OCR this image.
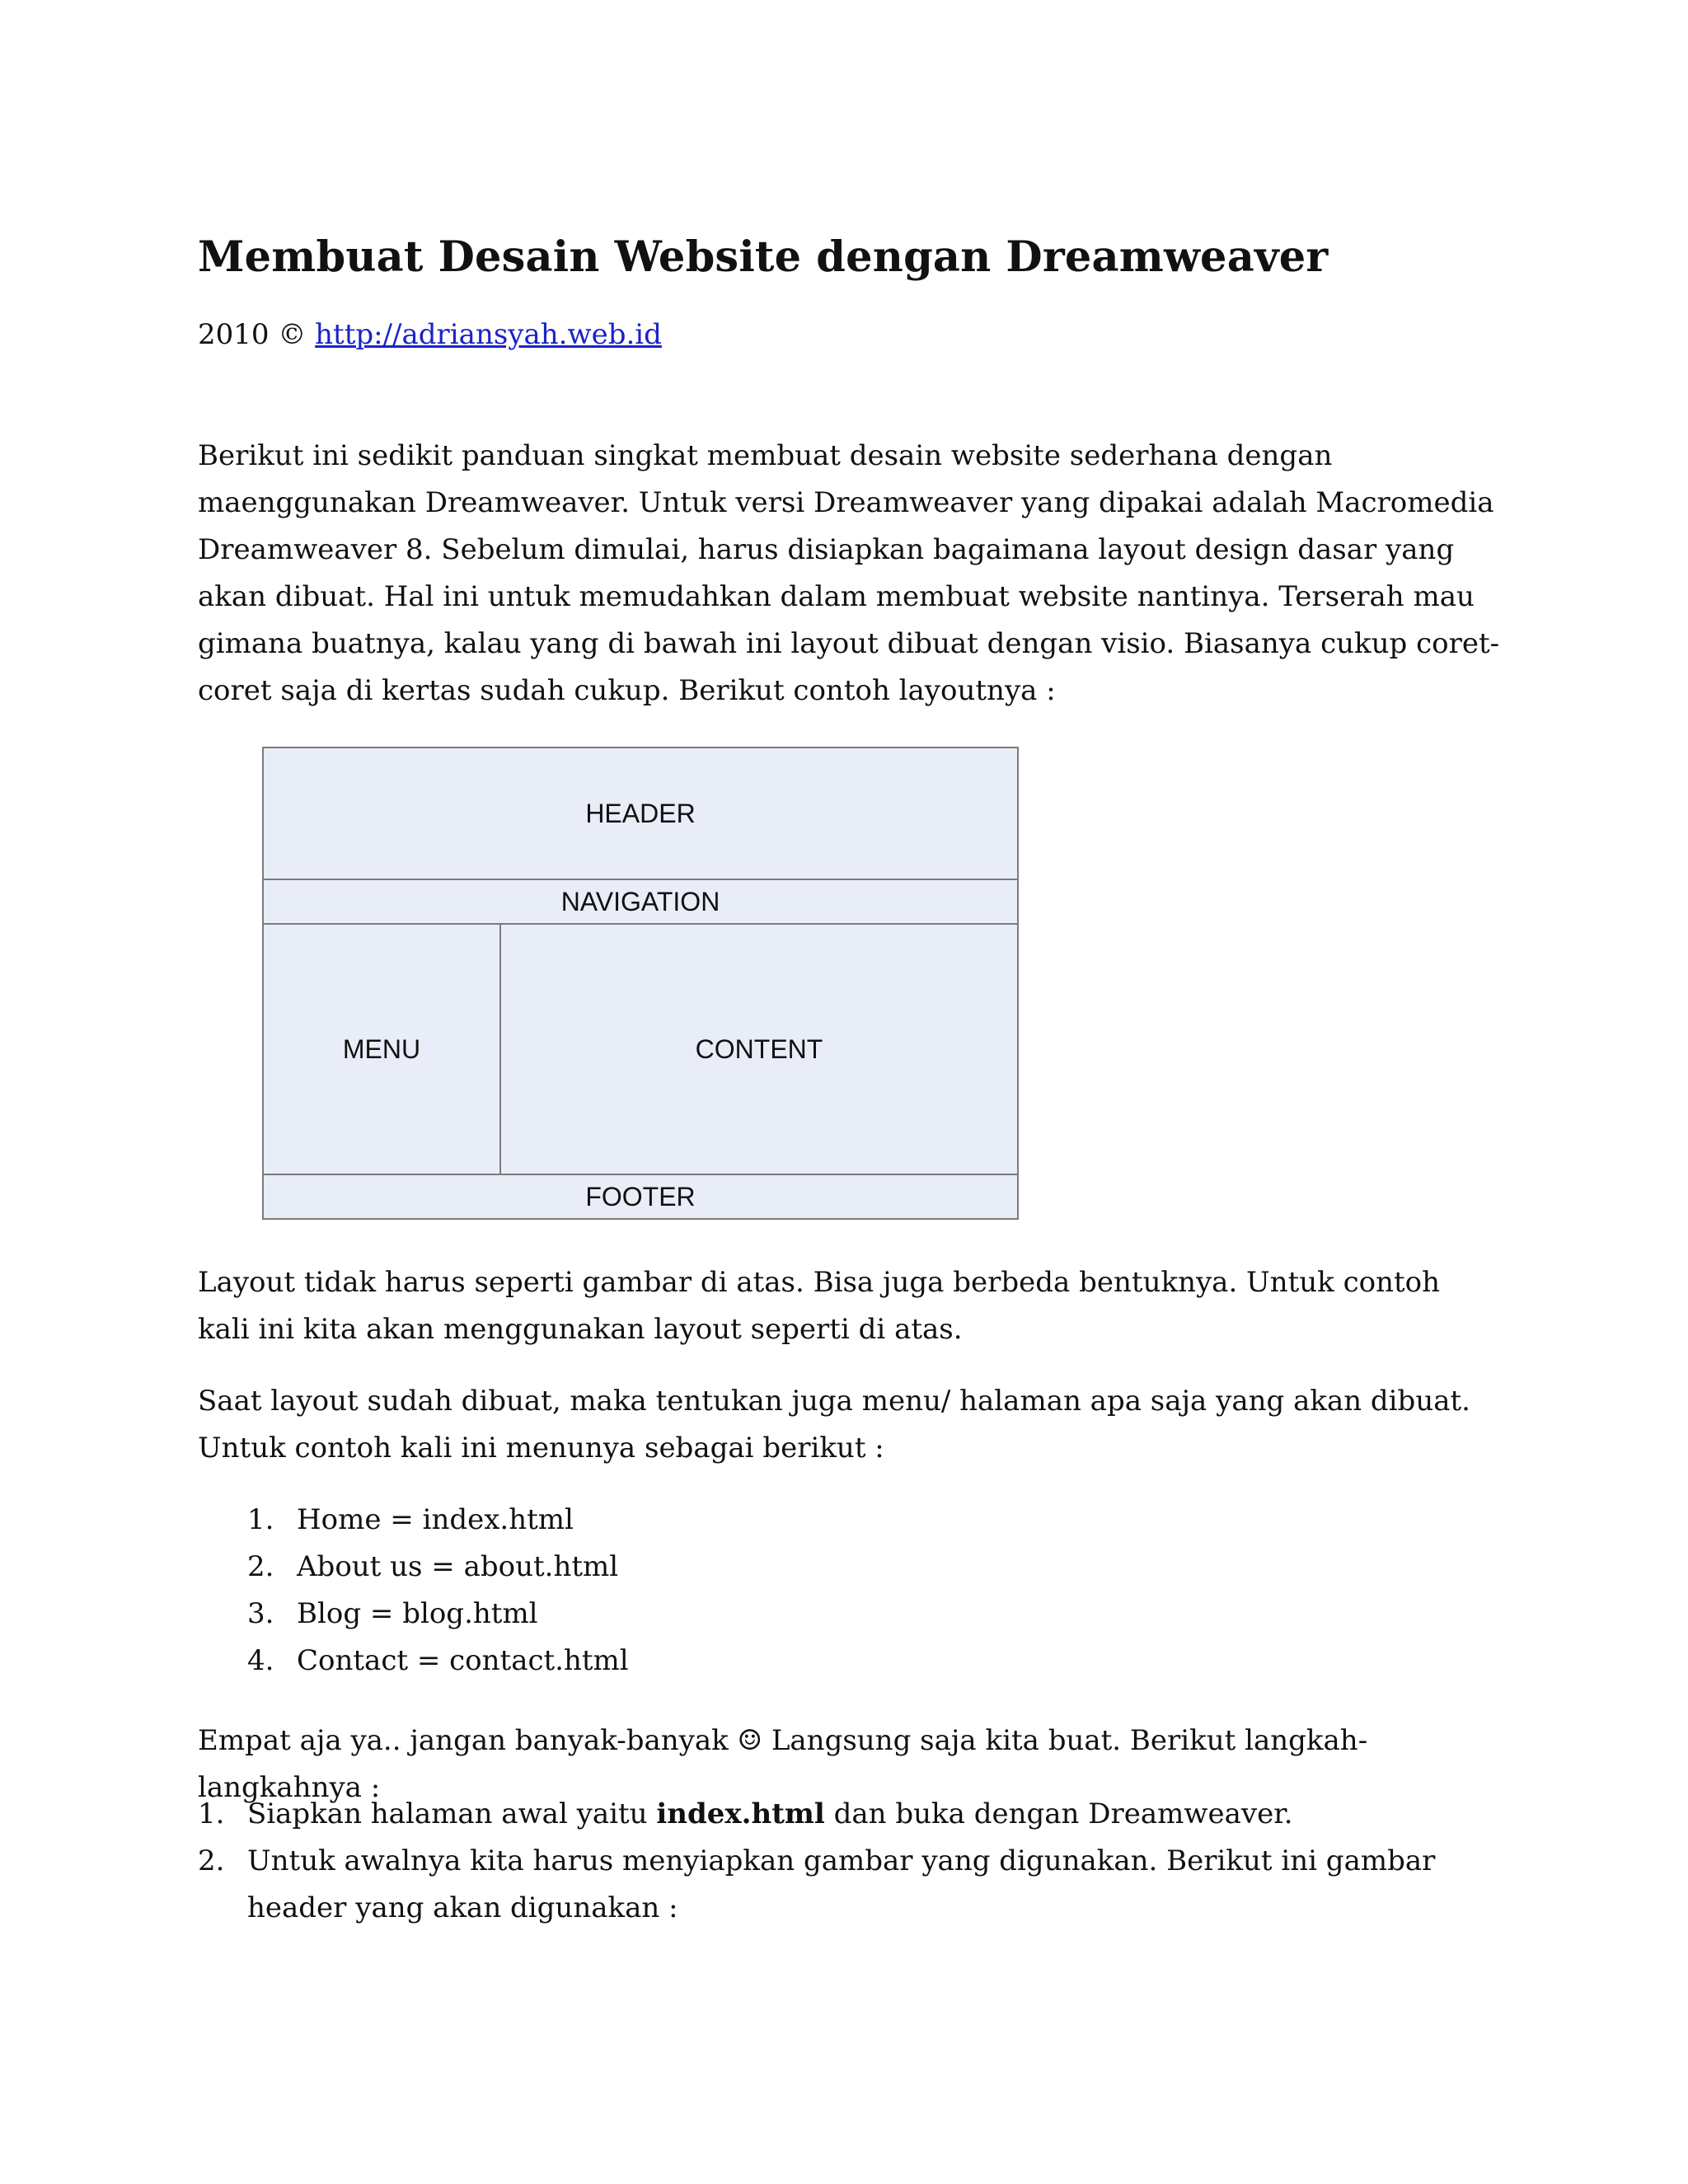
Membuat Desain Website dengan Dreamweaver
2010 © http://adriansyah.web.id

Berikut ini sedikit panduan singkat membuat desain website sederhana dengan maenggunakan Dreamweaver. Untuk versi Dreamweaver yang dipakai adalah Macromedia Dreamweaver 8. Sebelum dimulai, harus disiapkan bagaimana layout design dasar yang akan dibuat. Hal ini untuk memudahkan dalam membuat website nantinya. Terserah mau gimana buatnya, kalau yang di bawah ini layout dibuat dengan visio. Biasanya cukup coret-coret saja di kertas sudah cukup. Berikut contoh layoutnya :

Layout tidak harus seperti gambar di atas. Bisa juga berbeda bentuknya. Untuk contoh kali ini kita akan menggunakan layout seperti di atas.

Saat layout sudah dibuat, maka tentukan juga menu/ halaman apa saja yang akan dibuat. Untuk contoh kali ini menunya sebagai berikut :

1. Home = index.html
2. About us = about.html
3. Blog = blog.html
4. Contact = contact.html

Empat aja ya.. jangan banyak-banyak ☺ Langsung saja kita buat. Berikut langkah-langkahnya :

1. Siapkan halaman awal yaitu index.html dan buka dengan Dreamweaver.
2. Untuk awalnya kita harus menyiapkan gambar yang digunakan. Berikut ini gambar header yang akan digunakan :
HEADER
NAVIGATION
MENU	CONTENT
FOOTER
